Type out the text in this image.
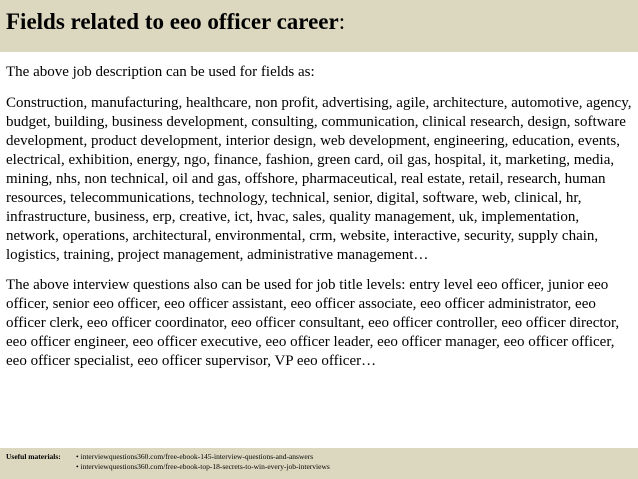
Fields related to eeo officer career:

The above job description can be used for fields as:

Construction, manufacturing, healthcare, non profit, advertising, agile, architecture, automotive, agency, budget, building, business development, consulting, communication, clinical research, design, software development, product development, interior design, web development, engineering, education, events, electrical, exhibition, energy, ngo, finance, fashion, green card, oil gas, hospital, it, marketing, media, mining, nhs, non technical, oil and gas, offshore, pharmaceutical, real estate, retail, research, human resources, telecommunications, technology, technical, senior, digital, software, web, clinical, hr, infrastructure, business, erp, creative, ict, hvac, sales, quality management, uk, implementation, network, operations, architectural, environmental, crm, website, interactive, security, supply chain, logistics, training, project management, administrative management…

The above interview questions also can be used for job title levels: entry level eeo officer, junior eeo officer, senior eeo officer, eeo officer assistant, eeo officer associate, eeo officer administrator, eeo officer clerk, eeo officer coordinator, eeo officer consultant, eeo officer controller, eeo officer director, eeo officer engineer, eeo officer executive, eeo officer leader, eeo officer manager, eeo officer officer, eeo officer specialist, eeo officer supervisor, VP eeo officer…

Useful materials: • interviewquestions360.com/free-ebook-145-interview-questions-and-answers
• interviewquestions360.com/free-ebook-top-18-secrets-to-win-every-job-interviews
